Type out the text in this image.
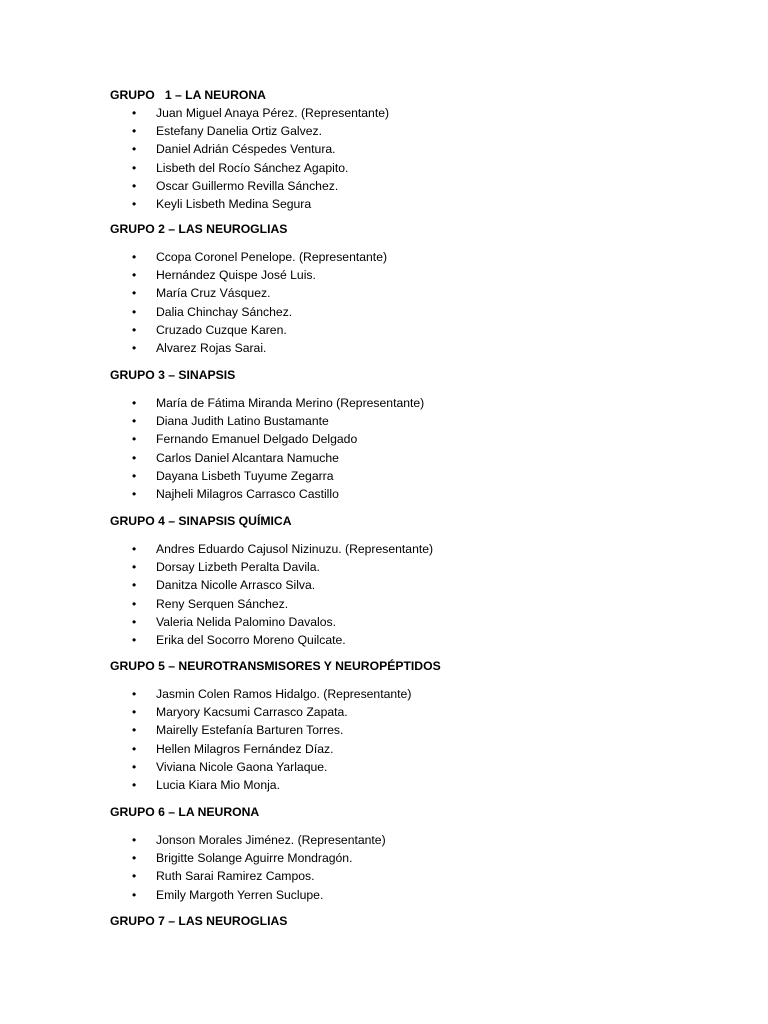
GRUPO   1 – LA NEURONA
• Juan Miguel Anaya Pérez. (Representante)
• Estefany Danelia Ortiz Galvez.
• Daniel Adrián Céspedes Ventura.
• Lisbeth del Rocío Sánchez Agapito.
• Oscar Guillermo Revilla Sánchez.
• Keyli Lisbeth Medina Segura
GRUPO 2 – LAS NEUROGLIAS
• Ccopa Coronel Penelope. (Representante)
• Hernández Quispe José Luis.
• María Cruz Vásquez.
• Dalia Chinchay Sánchez.
• Cruzado Cuzque Karen.
• Alvarez Rojas Sarai.
GRUPO 3 – SINAPSIS
• María de Fátima Miranda Merino (Representante)
• Diana Judith Latino Bustamante
• Fernando Emanuel Delgado Delgado
• Carlos Daniel Alcantara Namuche
• Dayana Lisbeth Tuyume Zegarra
• Najheli Milagros Carrasco Castillo
GRUPO 4 – SINAPSIS QUÍMICA
• Andres Eduardo Cajusol Nizinuzu. (Representante)
• Dorsay Lizbeth Peralta Davila.
• Danitza Nicolle Arrasco Silva.
• Reny Serquen Sánchez.
• Valeria Nelida Palomino Davalos.
• Erika del Socorro Moreno Quilcate.
GRUPO 5 – NEUROTRANSMISORES Y NEUROPÉPTIDOS
• Jasmin Colen Ramos Hidalgo. (Representante)
• Maryory Kacsumi Carrasco Zapata.
• Mairelly Estefanía Barturen Torres.
• Hellen Milagros Fernández Díaz.
• Viviana Nicole Gaona Yarlaque.
• Lucia Kiara Mio Monja.
GRUPO 6 – LA NEURONA
• Jonson Morales Jiménez. (Representante)
• Brigitte Solange Aguirre Mondragón.
• Ruth Sarai Ramirez Campos.
• Emily Margoth Yerren Suclupe.
GRUPO 7 – LAS NEUROGLIAS
